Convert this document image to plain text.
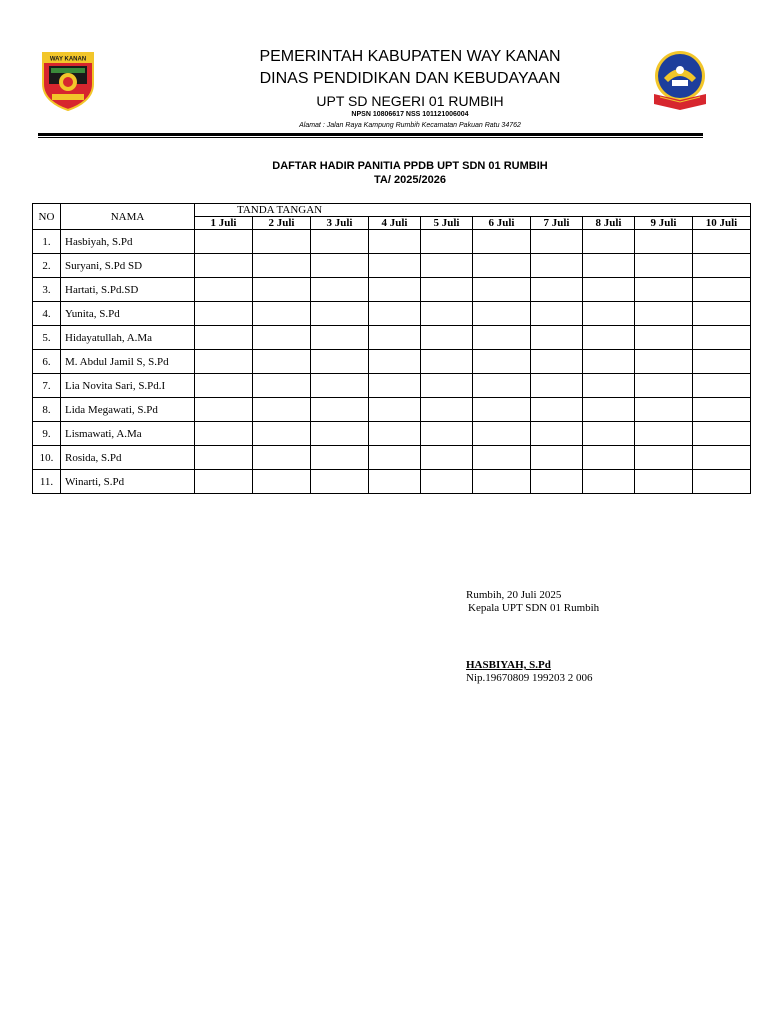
WAY KANAN	PEMERINTAH KABUPATEN WAY KANAN
DINAS PENDIDIKAN DAN KEBUDAYAAN
UPT SD NEGERI 01 RUMBIH
NPSN 10806617 NSS 101121006004
Alamat : Jalan Raya Kampung Rumbih Kecamatan Pakuan Ratu 34762
DAFTAR HADIR PANITIA PPDB UPT SDN 01 RUMBIH
TA/ 2025/2026
NO	NAMA	TANDA TANGAN									
		1 Juli	2 Juli	3 Juli	4 Juli	5 Juli	6 Juli	7 Juli	8 Juli	9 Juli	10 Juli
1.	Hasbiyah, S.Pd										
2.	Suryani, S.Pd SD										
3.	Hartati, S.Pd.SD										
4.	Yunita, S.Pd										
5.	Hidayatullah, A.Ma										
6.	M. Abdul Jamil S, S.Pd										
7.	Lia Novita Sari, S.Pd.I										
8.	Lida Megawati, S.Pd										
9.	Lismawati, A.Ma										
10.	Rosida, S.Pd										
11.	Winarti, S.Pd										
Rumbih, 20 Juli 2025
Kepala UPT SDN 01 Rumbih
HASBIYAH, S.Pd
Nip.19670809 199203 2 006
